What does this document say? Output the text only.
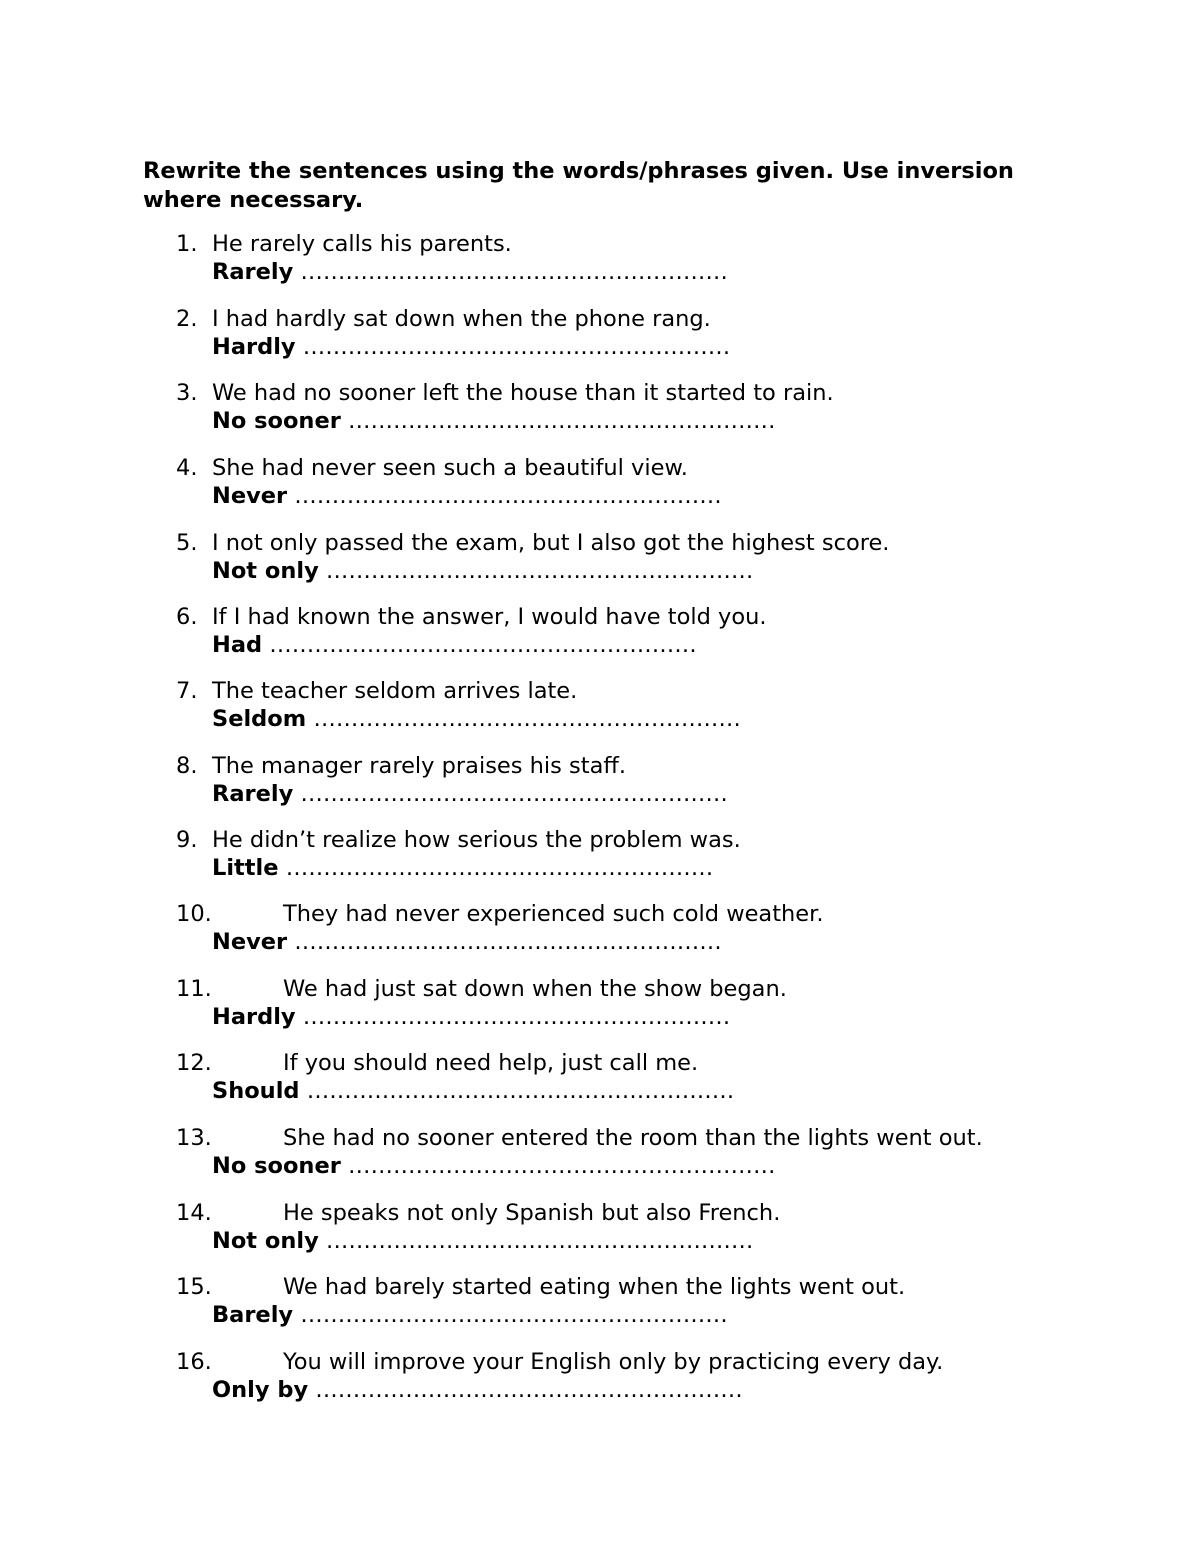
Rewrite the sentences using the words/phrases given. Use inversion where necessary.
1. He rarely calls his parents.
Rarely …………………………………………………
2. I had hardly sat down when the phone rang.
Hardly …………………………………………………
3. We had no sooner left the house than it started to rain.
No sooner …………………………………………………
4. She had never seen such a beautiful view.
Never …………………………………………………
5. I not only passed the exam, but I also got the highest score.
Not only …………………………………………………
6. If I had known the answer, I would have told you.
Had …………………………………………………
7. The teacher seldom arrives late.
Seldom …………………………………………………
8. The manager rarely praises his staff.
Rarely …………………………………………………
9. He didn’t realize how serious the problem was.
Little …………………………………………………
10.	They had never experienced such cold weather.
Never …………………………………………………
11.	We had just sat down when the show began.
Hardly …………………………………………………
12.	If you should need help, just call me.
Should …………………………………………………
13.	She had no sooner entered the room than the lights went out.
No sooner …………………………………………………
14.	He speaks not only Spanish but also French.
Not only …………………………………………………
15.	We had barely started eating when the lights went out.
Barely …………………………………………………
16.	You will improve your English only by practicing every day.
Only by …………………………………………………
